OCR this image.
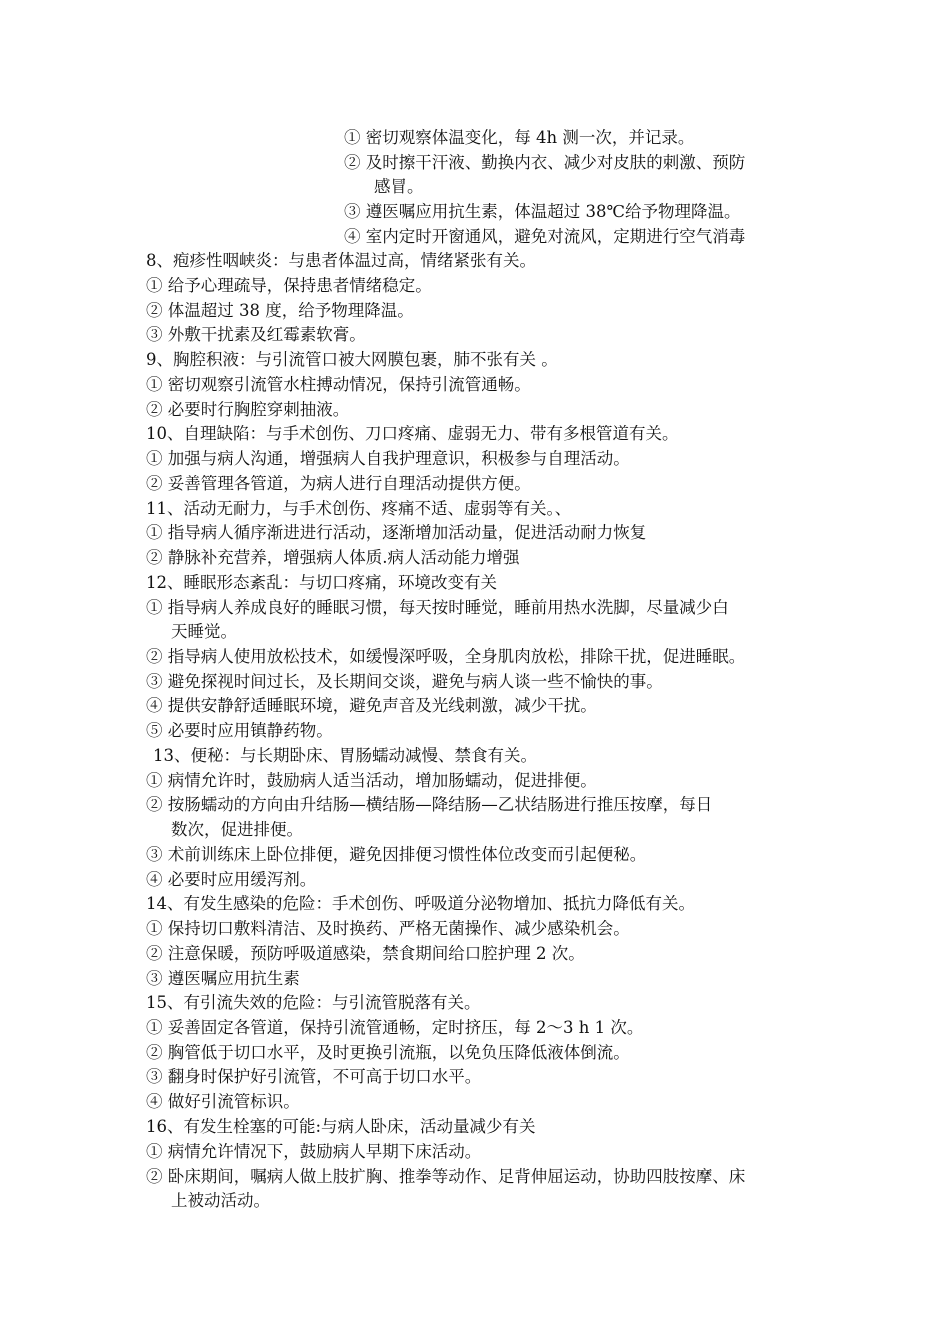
① 密切观察体温变化，每 4h 测一次，并记录。
② 及时擦干汗液、勤换内衣、减少对皮肤的刺激、预防
感冒。
③ 遵医嘱应用抗生素，体温超过 38℃给予物理降温。
④ 室内定时开窗通风，避免对流风，定期进行空气消毒
8、疱疹性咽峡炎：与患者体温过高，情绪紧张有关。
① 给予心理疏导，保持患者情绪稳定。
② 体温超过 38 度，给予物理降温。
③ 外敷干扰素及红霉素软膏。
9、胸腔积液：与引流管口被大网膜包裹，肺不张有关 。
① 密切观察引流管水柱搏动情况，保持引流管通畅。
② 必要时行胸腔穿刺抽液。
10、自理缺陷：与手术创伤、刀口疼痛、虚弱无力、带有多根管道有关。
① 加强与病人沟通，增强病人自我护理意识，积极参与自理活动。
② 妥善管理各管道，为病人进行自理活动提供方便。
11、活动无耐力，与手术创伤、疼痛不适、虚弱等有关。、
① 指导病人循序渐进进行活动，逐渐增加活动量，促进活动耐力恢复
② 静脉补充营养，增强病人体质.病人活动能力增强
12、睡眠形态紊乱：与切口疼痛，环境改变有关
① 指导病人养成良好的睡眠习惯，每天按时睡觉，睡前用热水洗脚，尽量减少白
天睡觉。
② 指导病人使用放松技术，如缓慢深呼吸，全身肌肉放松，排除干扰，促进睡眠。
③ 避免探视时间过长，及长期间交谈，避免与病人谈一些不愉快的事。
④ 提供安静舒适睡眠环境，避免声音及光线刺激，减少干扰。
⑤ 必要时应用镇静药物。
13、便秘：与长期卧床、胃肠蠕动减慢、禁食有关。
① 病情允许时，鼓励病人适当活动，增加肠蠕动，促进排便。
② 按肠蠕动的方向由升结肠—横结肠—降结肠—乙状结肠进行推压按摩，每日
数次，促进排便。
③ 术前训练床上卧位排便，避免因排便习惯性体位改变而引起便秘。
④ 必要时应用缓泻剂。
14、有发生感染的危险：手术创伤、呼吸道分泌物增加、抵抗力降低有关。
① 保持切口敷料清洁、及时换药、严格无菌操作、减少感染机会。
② 注意保暖，预防呼吸道感染，禁食期间给口腔护理 2 次。
③ 遵医嘱应用抗生素
15、有引流失效的危险：与引流管脱落有关。
① 妥善固定各管道，保持引流管通畅，定时挤压，每 2～3 h 1 次。
② 胸管低于切口水平，及时更换引流瓶，以免负压降低液体倒流。
③ 翻身时保护好引流管，不可高于切口水平。
④ 做好引流管标识。
16、有发生栓塞的可能:与病人卧床，活动量减少有关
① 病情允许情况下，鼓励病人早期下床活动。
② 卧床期间，嘱病人做上肢扩胸、推拳等动作、足背伸屈运动，协助四肢按摩、床
上被动活动。
